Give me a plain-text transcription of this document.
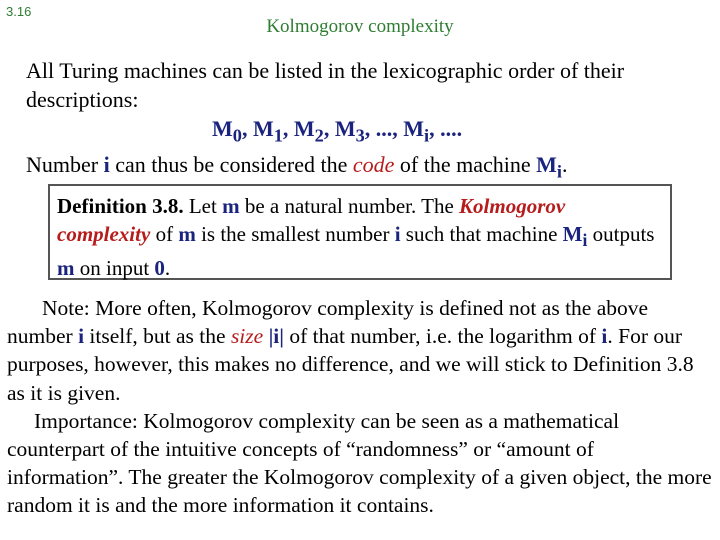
3.16
Kolmogorov complexity
All Turing machines can be listed in the lexicographic order of their descriptions:
$M_0$, $M_1$, $M_2$, $M_3$, ..., $M_i$, ....
Number i can thus be considered the code of the machine $M_i$.
Definition 3.8. Let m be a natural number. The Kolmogorov complexity of m is the smallest number i such that machine $M_i$ outputs m on input 0.

Note: More often, Kolmogorov complexity is defined not as the above number i itself, but as the size |i| of that number, i.e. the logarithm of i. For our purposes, however, this makes no difference, and we will stick to Definition 3.8 as it is given.

Importance: Kolmogorov complexity can be seen as a mathematical counterpart of the intuitive concepts of “randomness” or “amount of information”. The greater the Kolmogorov complexity of a given object, the more random it is and the more information it contains.
